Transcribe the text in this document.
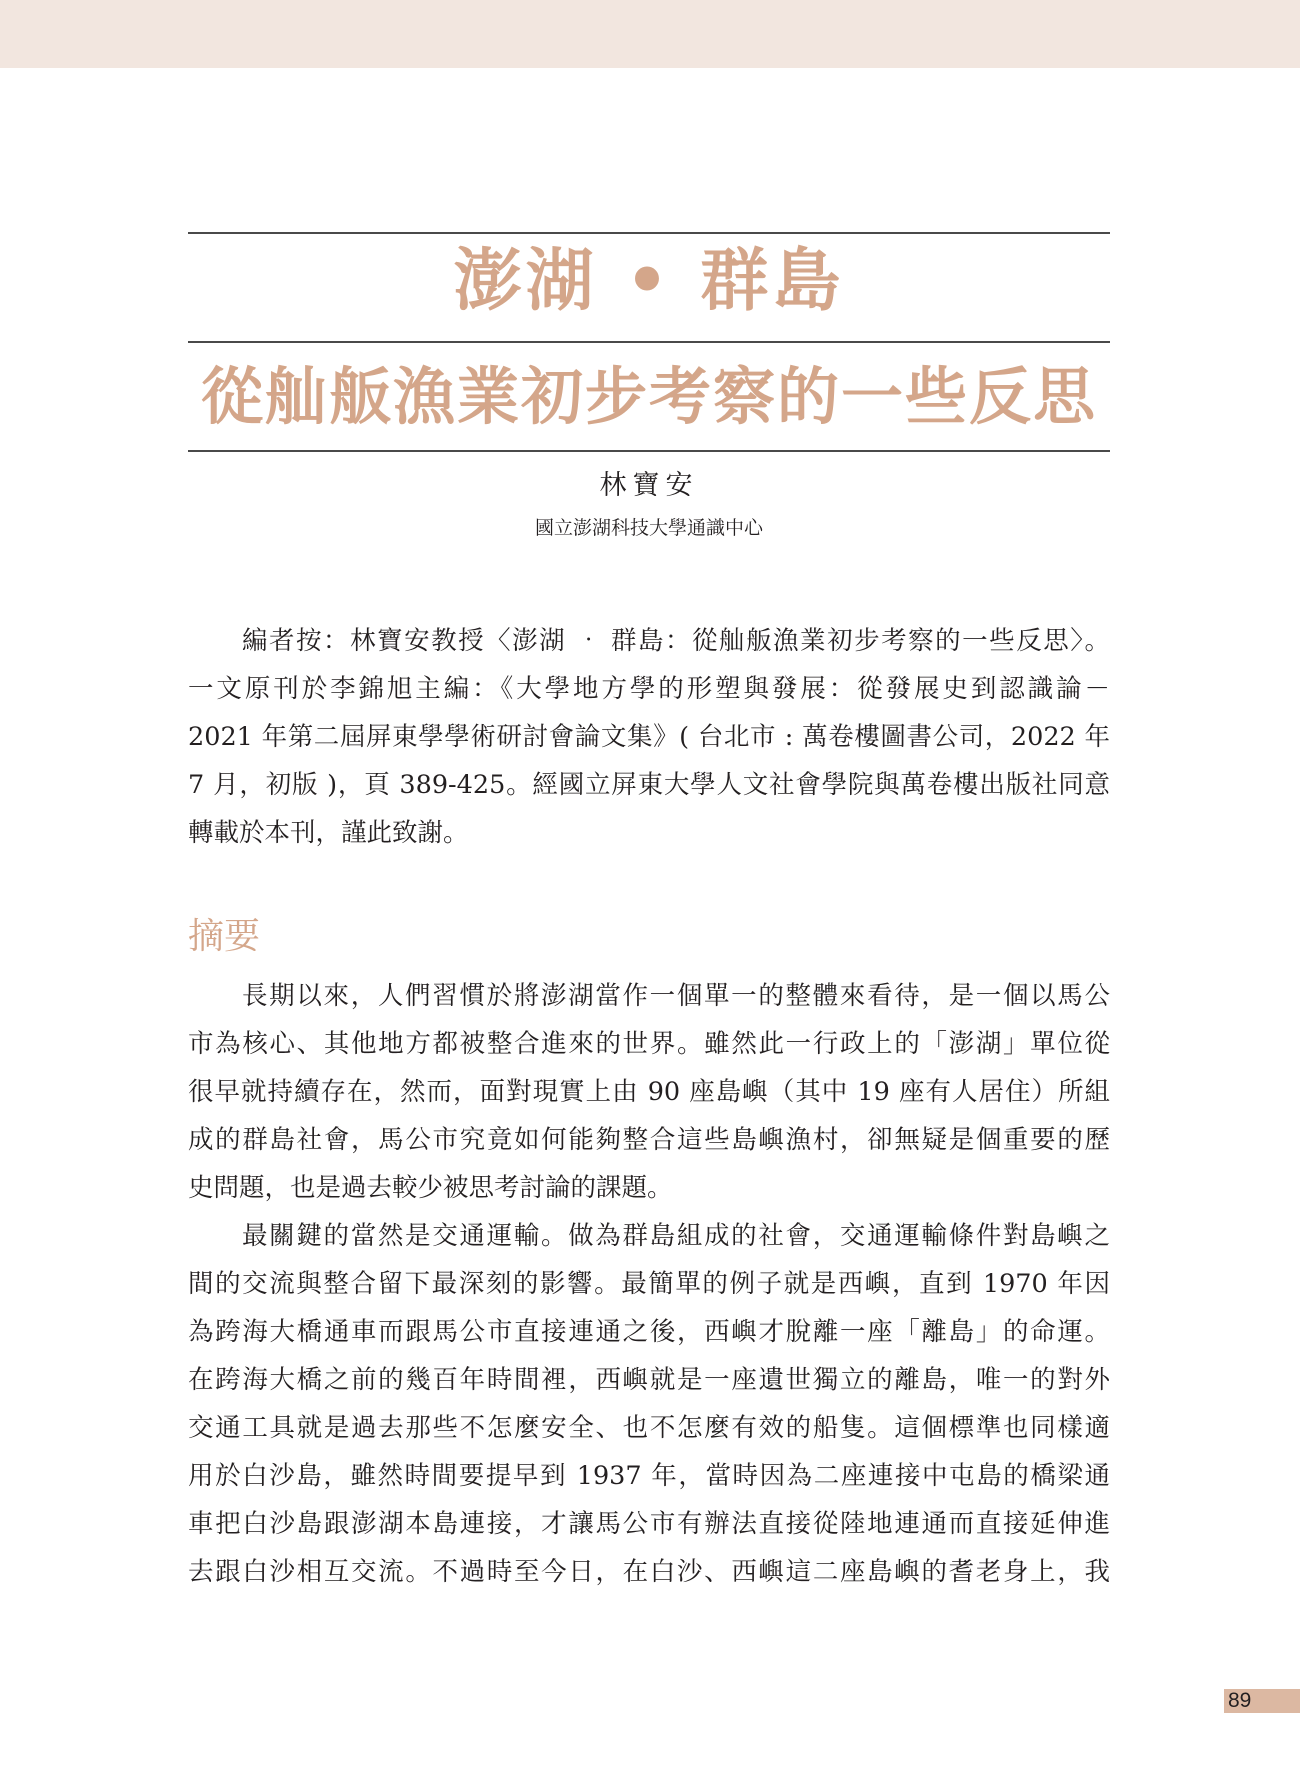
澎湖 • 群島
從舢舨漁業初步考察的一些反思
林寶安
國立澎湖科技大學通識中心
編者按：林寶安教授〈澎湖 ‧ 群島：從舢舨漁業初步考察的一些反思〉。
一文原刊於李錦旭主編：《大學地方學的形塑與發展：從發展史到認識論－
2021 年第二屆屏東學學術研討會論文集》( 台北市 : 萬卷樓圖書公司，2022 年
7 月，初版 )，頁 389-425。經國立屏東大學人文社會學院與萬卷樓出版社同意
轉載於本刊，謹此致謝。
摘要
長期以來，人們習慣於將澎湖當作一個單一的整體來看待，是一個以馬公
市為核心、其他地方都被整合進來的世界。雖然此一行政上的「澎湖」單位從
很早就持續存在，然而，面對現實上由 90 座島嶼（其中 19 座有人居住）所組
成的群島社會，馬公市究竟如何能夠整合這些島嶼漁村，卻無疑是個重要的歷
史問題，也是過去較少被思考討論的課題。
最關鍵的當然是交通運輸。做為群島組成的社會，交通運輸條件對島嶼之
間的交流與整合留下最深刻的影響。最簡單的例子就是西嶼，直到 1970 年因
為跨海大橋通車而跟馬公市直接連通之後，西嶼才脫離一座「離島」的命運。
在跨海大橋之前的幾百年時間裡，西嶼就是一座遺世獨立的離島，唯一的對外
交通工具就是過去那些不怎麼安全、也不怎麼有效的船隻。這個標準也同樣適
用於白沙島，雖然時間要提早到 1937 年，當時因為二座連接中屯島的橋梁通
車把白沙島跟澎湖本島連接，才讓馬公市有辦法直接從陸地連通而直接延伸進
去跟白沙相互交流。不過時至今日，在白沙、西嶼這二座島嶼的耆老身上，我
89
